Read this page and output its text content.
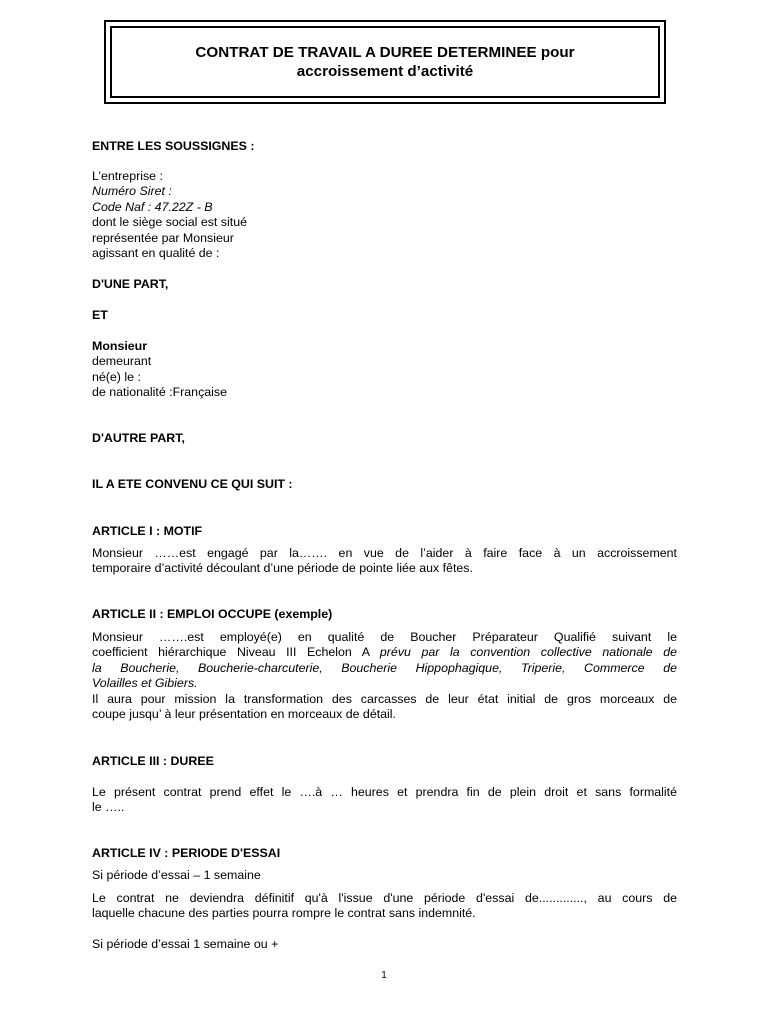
CONTRAT DE TRAVAIL A DUREE DETERMINEE pour
accroissement d’activité
ENTRE LES SOUSSIGNES :
L’entreprise :
Numéro Siret :
Code Naf : 47.22Z - B
dont le siège social est situé
représentée par Monsieur
agissant en qualité de :
D'UNE PART,
ET
Monsieur
demeurant
né(e) le :
de nationalité :Française
D'AUTRE PART,
IL A ETE CONVENU CE QUI SUIT :
ARTICLE I : MOTIF
Monsieur ……est engagé par la……. en vue de l’aider à faire face à un accroissement
temporaire d’activité découlant d’une période de pointe liée aux fêtes.
ARTICLE II : EMPLOI OCCUPE (exemple)
Monsieur …….est employé(e) en qualité de Boucher Préparateur Qualifié suivant le
coefficient hiérarchique Niveau III Echelon A prévu par la convention collective nationale de
la Boucherie, Boucherie-charcuterie, Boucherie Hippophagique, Triperie, Commerce de
Volailles et Gibiers.
Il aura pour mission la transformation des carcasses de leur état initial de gros morceaux de
coupe jusqu’ à leur présentation en morceaux de détail.
ARTICLE III : DUREE
Le présent contrat prend effet le ….à … heures et prendra fin de plein droit et sans formalité
le …..
ARTICLE IV : PERIODE D'ESSAI
Si période d’essai – 1 semaine
Le contrat ne deviendra définitif qu'à l'issue d'une période d'essai de............., au cours de
laquelle chacune des parties pourra rompre le contrat sans indemnité.
Si période d’essai 1 semaine ou +
1
